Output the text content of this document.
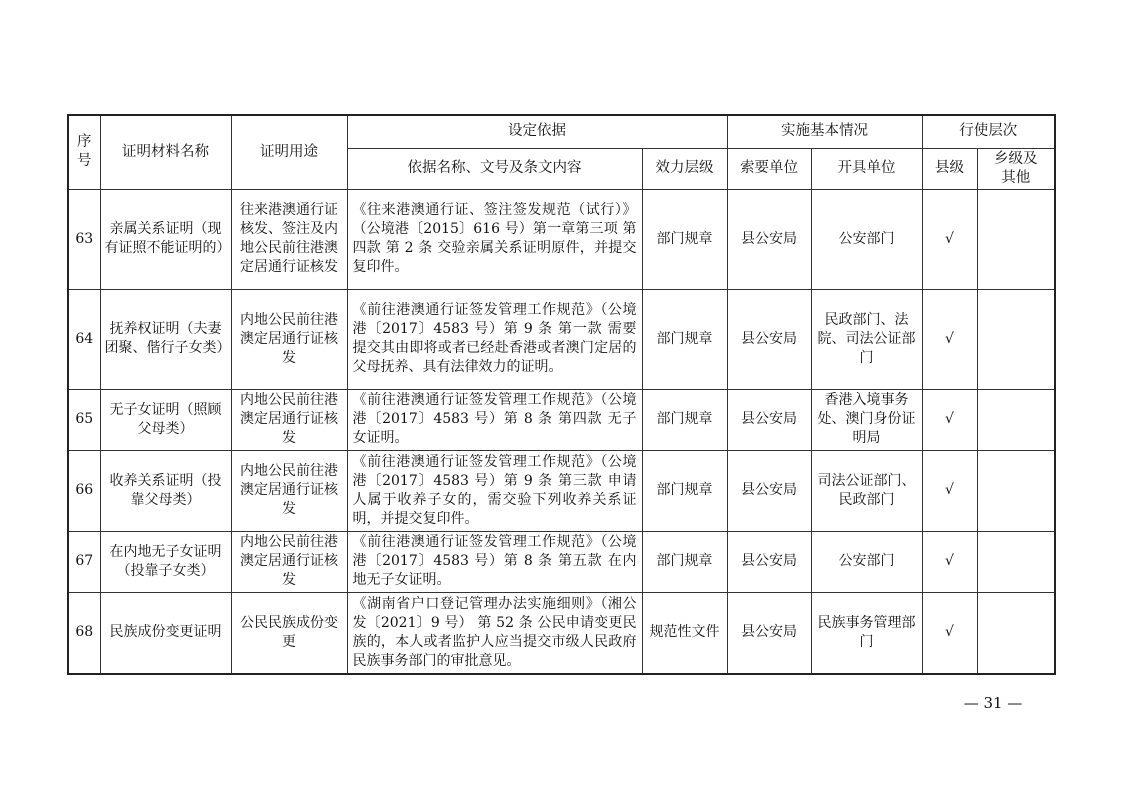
序号	证明材料名称	证明用途	设定依据		实施基本情况		行使层次	
			依据名称、文号及条文内容	效力层级	索要单位	开具单位	县级	乡级及其他
63	亲属关系证明（现有证照不能证明的）	往来港澳通行证核发、签注及内地公民前往港澳定居通行证核发	《往来港澳通行证、签注签发规范（试行）》（公境港〔2015〕616 号）第一章第三项 第四款 第 2 条 交验亲属关系证明原件，并提交复印件。	部门规章	县公安局	公安部门	√	
64	抚养权证明（夫妻团聚、偕行子女类）	内地公民前往港澳定居通行证核发	《前往港澳通行证签发管理工作规范》（公境港〔2017〕4583 号）第 9 条 第一款 需要提交其由即将或者已经赴香港或者澳门定居的父母抚养、具有法律效力的证明。	部门规章	县公安局	民政部门、法院、司法公证部门	√	
65	无子女证明（照顾父母类）	内地公民前往港澳定居通行证核发	《前往港澳通行证签发管理工作规范》（公境港〔2017〕4583 号）第 8 条 第四款 无子女证明。	部门规章	县公安局	香港入境事务处、澳门身份证明局	√	
66	收养关系证明（投靠父母类）	内地公民前往港澳定居通行证核发	《前往港澳通行证签发管理工作规范》（公境港〔2017〕4583 号）第 9 条 第三款 申请人属于收养子女的，需交验下列收养关系证明，并提交复印件。	部门规章	县公安局	司法公证部门、民政部门	√	
67	在内地无子女证明（投靠子女类）	内地公民前往港澳定居通行证核发	《前往港澳通行证签发管理工作规范》（公境港〔2017〕4583 号）第 8 条 第五款 在内地无子女证明。	部门规章	县公安局	公安部门	√	
68	民族成份变更证明	公民民族成份变更	《湖南省户口登记管理办法实施细则》（湘公发〔2021〕9 号） 第 52 条 公民申请变更民族的，本人或者监护人应当提交市级人民政府民族事务部门的审批意见。	规范性文件	县公安局	民族事务管理部门	√	
— 31 —
